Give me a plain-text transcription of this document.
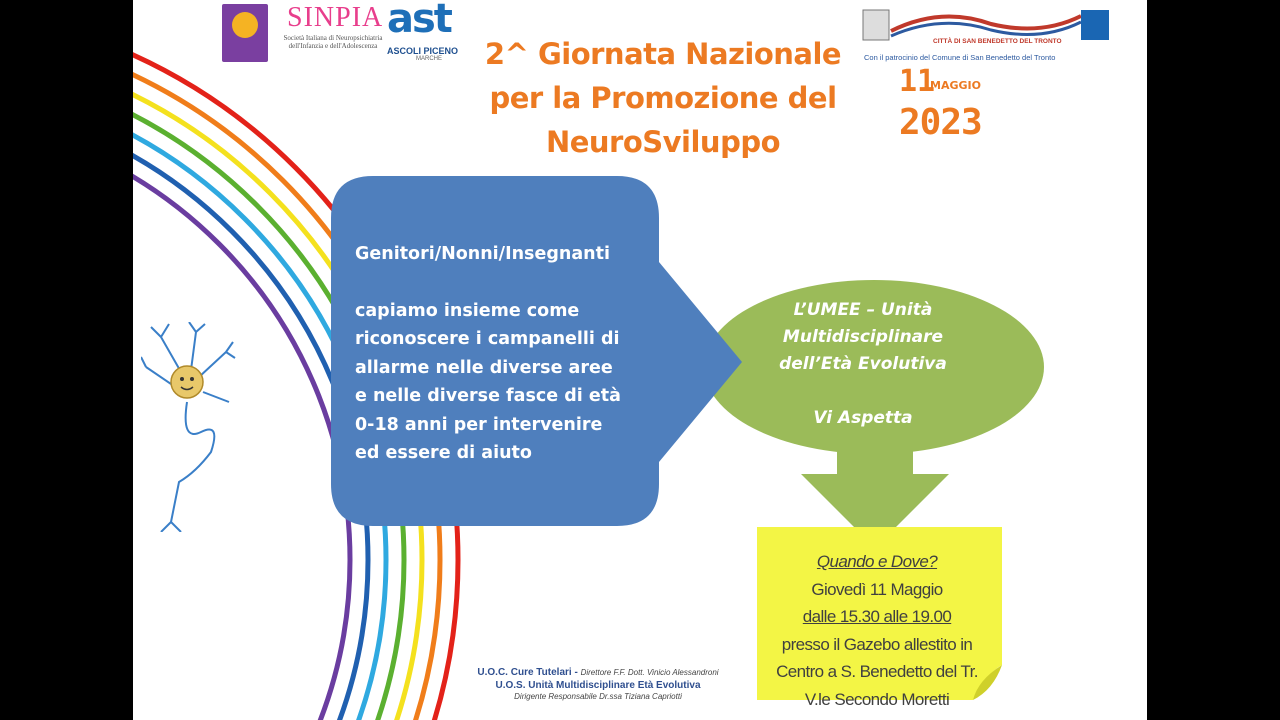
SINPIA
Società Italiana di Neuropsichiatria dell'Infanzia e dell'Adolescenza
ast
ASCOLI PICENO
MARCHE
CITTÀ DI SAN BENEDETTO DEL TRONTO
Con il patrocinio del Comune di San Benedetto del Tronto
2^ Giornata Nazionale
per la Promozione del
NeuroSviluppo
11
MAGGIO
2023
Genitori/Nonni/Insegnanti
capiamo insieme come
riconoscere i campanelli di
allarme nelle diverse aree
e nelle diverse fasce di età
0-18 anni per intervenire
ed essere di aiuto
L’UMEE – Unità
Multidisciplinare
dell’Età Evolutiva
Vi Aspetta
Quando e Dove?
Giovedì 11 Maggio
dalle 15.30 alle 19.00
presso il Gazebo allestito in
Centro a S. Benedetto del Tr.
V.le Secondo Moretti
U.O.C. Cure Tutelari - Direttore F.F. Dott. Vinicio Alessandroni
U.O.S. Unità Multidisciplinare Età Evolutiva
Dirigente Responsabile Dr.ssa Tiziana Capriotti
